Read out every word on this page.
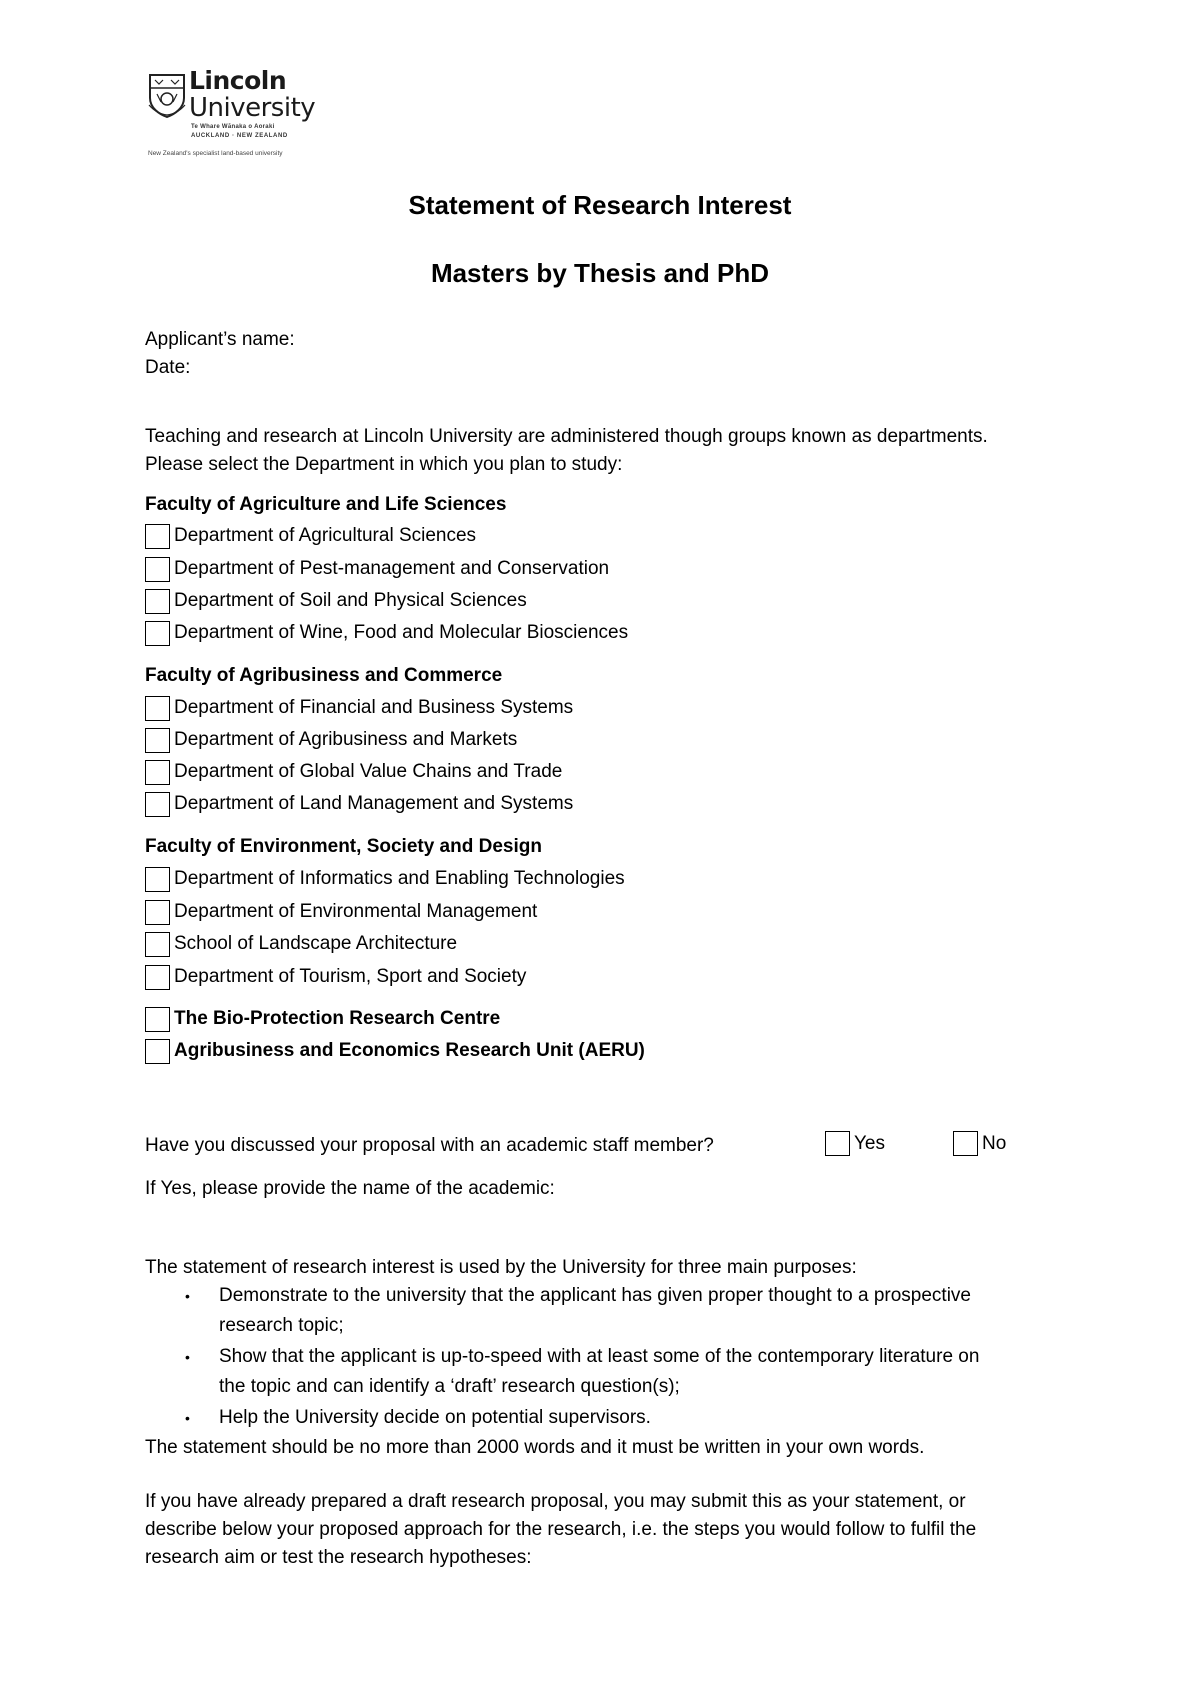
Lincoln
University
Te Whare Wānaka o Aoraki
AUCKLAND · NEW ZEALAND
New Zealand's specialist land-based university
Statement of Research Interest
Masters by Thesis and PhD
Applicant’s name:
Date:
Teaching and research at Lincoln University are administered though groups known as departments.
Please select the Department in which you plan to study:
Faculty of Agriculture and Life Sciences
Department of Agricultural Sciences
Department of Pest-management and Conservation
Department of Soil and Physical Sciences
Department of Wine, Food and Molecular Biosciences
Faculty of Agribusiness and Commerce
Department of Financial and Business Systems
Department of Agribusiness and Markets
Department of Global Value Chains and Trade
Department of Land Management and Systems
Faculty of Environment, Society and Design
Department of Informatics and Enabling Technologies
Department of Environmental Management
School of Landscape Architecture
Department of Tourism, Sport and Society
The Bio-Protection Research Centre
Agribusiness and Economics Research Unit (AERU)
Have you discussed your proposal with an academic staff member?	Yes	No
If Yes, please provide the name of the academic:
The statement of research interest is used by the University for three main purposes:
• Demonstrate to the university that the applicant has given proper thought to a prospective
research topic;
• Show that the applicant is up-to-speed with at least some of the contemporary literature on
the topic and can identify a ‘draft’ research question(s);
• Help the University decide on potential supervisors.
The statement should be no more than 2000 words and it must be written in your own words.
If you have already prepared a draft research proposal, you may submit this as your statement, or
describe below your proposed approach for the research, i.e. the steps you would follow to fulfil the
research aim or test the research hypotheses:
